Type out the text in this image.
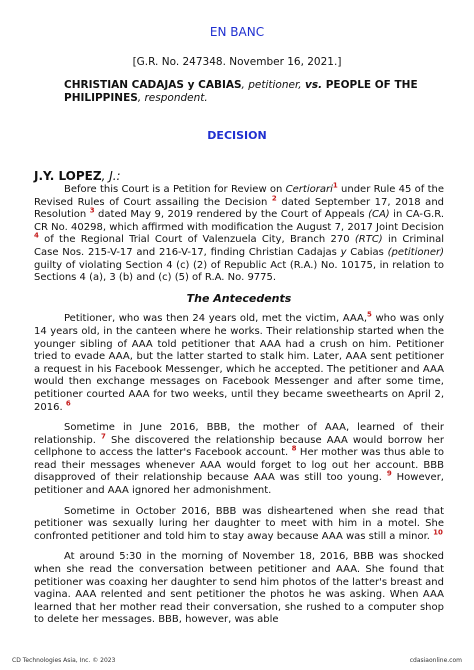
EN BANC
[G.R. No. 247348. November 16, 2021.]
CHRISTIAN CADAJAS y CABIAS, petitioner, vs. PEOPLE OF THE PHILIPPINES, respondent.
DECISION
J.Y. LOPEZ, J.:

Before this Court is a Petition for Review on Certiorari$^1$ under Rule 45 of the Revised Rules of Court assailing the Decision $^2$ dated September 17, 2018 and Resolution $^3$ dated May 9, 2019 rendered by the Court of Appeals (CA) in CA-G.R. CR No. 40298, which affirmed with modification the August 7, 2017 Joint Decision $^4$ of the Regional Trial Court of Valenzuela City, Branch 270 (RTC) in Criminal Case Nos. 215-V-17 and 216-V-17, finding Christian Cadajas y Cabias (petitioner) guilty of violating Section 4 (c) (2) of Republic Act (R.A.) No. 10175, in relation to Sections 4 (a), 3 (b) and (c) (5) of R.A. No. 9775.

The Antecedents

Petitioner, who was then 24 years old, met the victim, AAA,$^5$ who was only 14 years old, in the canteen where he works. Their relationship started when the younger sibling of AAA told petitioner that AAA had a crush on him. Petitioner tried to evade AAA, but the latter started to stalk him. Later, AAA sent petitioner a request in his Facebook Messenger, which he accepted. The petitioner and AAA would then exchange messages on Facebook Messenger and after some time, petitioner courted AAA for two weeks, until they became sweethearts on April 2, 2016. $^6$

Sometime in June 2016, BBB, the mother of AAA, learned of their relationship. $^7$ She discovered the relationship because AAA would borrow her cellphone to access the latter's Facebook account. $^8$ Her mother was thus able to read their messages whenever AAA would forget to log out her account. BBB disapproved of their relationship because AAA was still too young. $^9$ However, petitioner and AAA ignored her admonishment.

Sometime in October 2016, BBB was disheartened when she read that petitioner was sexually luring her daughter to meet with him in a motel. She confronted petitioner and told him to stay away because AAA was still a minor. $^{10}$

At around 5:30 in the morning of November 18, 2016, BBB was shocked when she read the conversation between petitioner and AAA. She found that petitioner was coaxing her daughter to send him photos of the latter's breast and vagina. AAA relented and sent petitioner the photos he was asking. When AAA learned that her mother read their conversation, she rushed to a computer shop to delete her messages. BBB, however, was able

CD Technologies Asia, Inc. © 2023	cdasiaonline.com
